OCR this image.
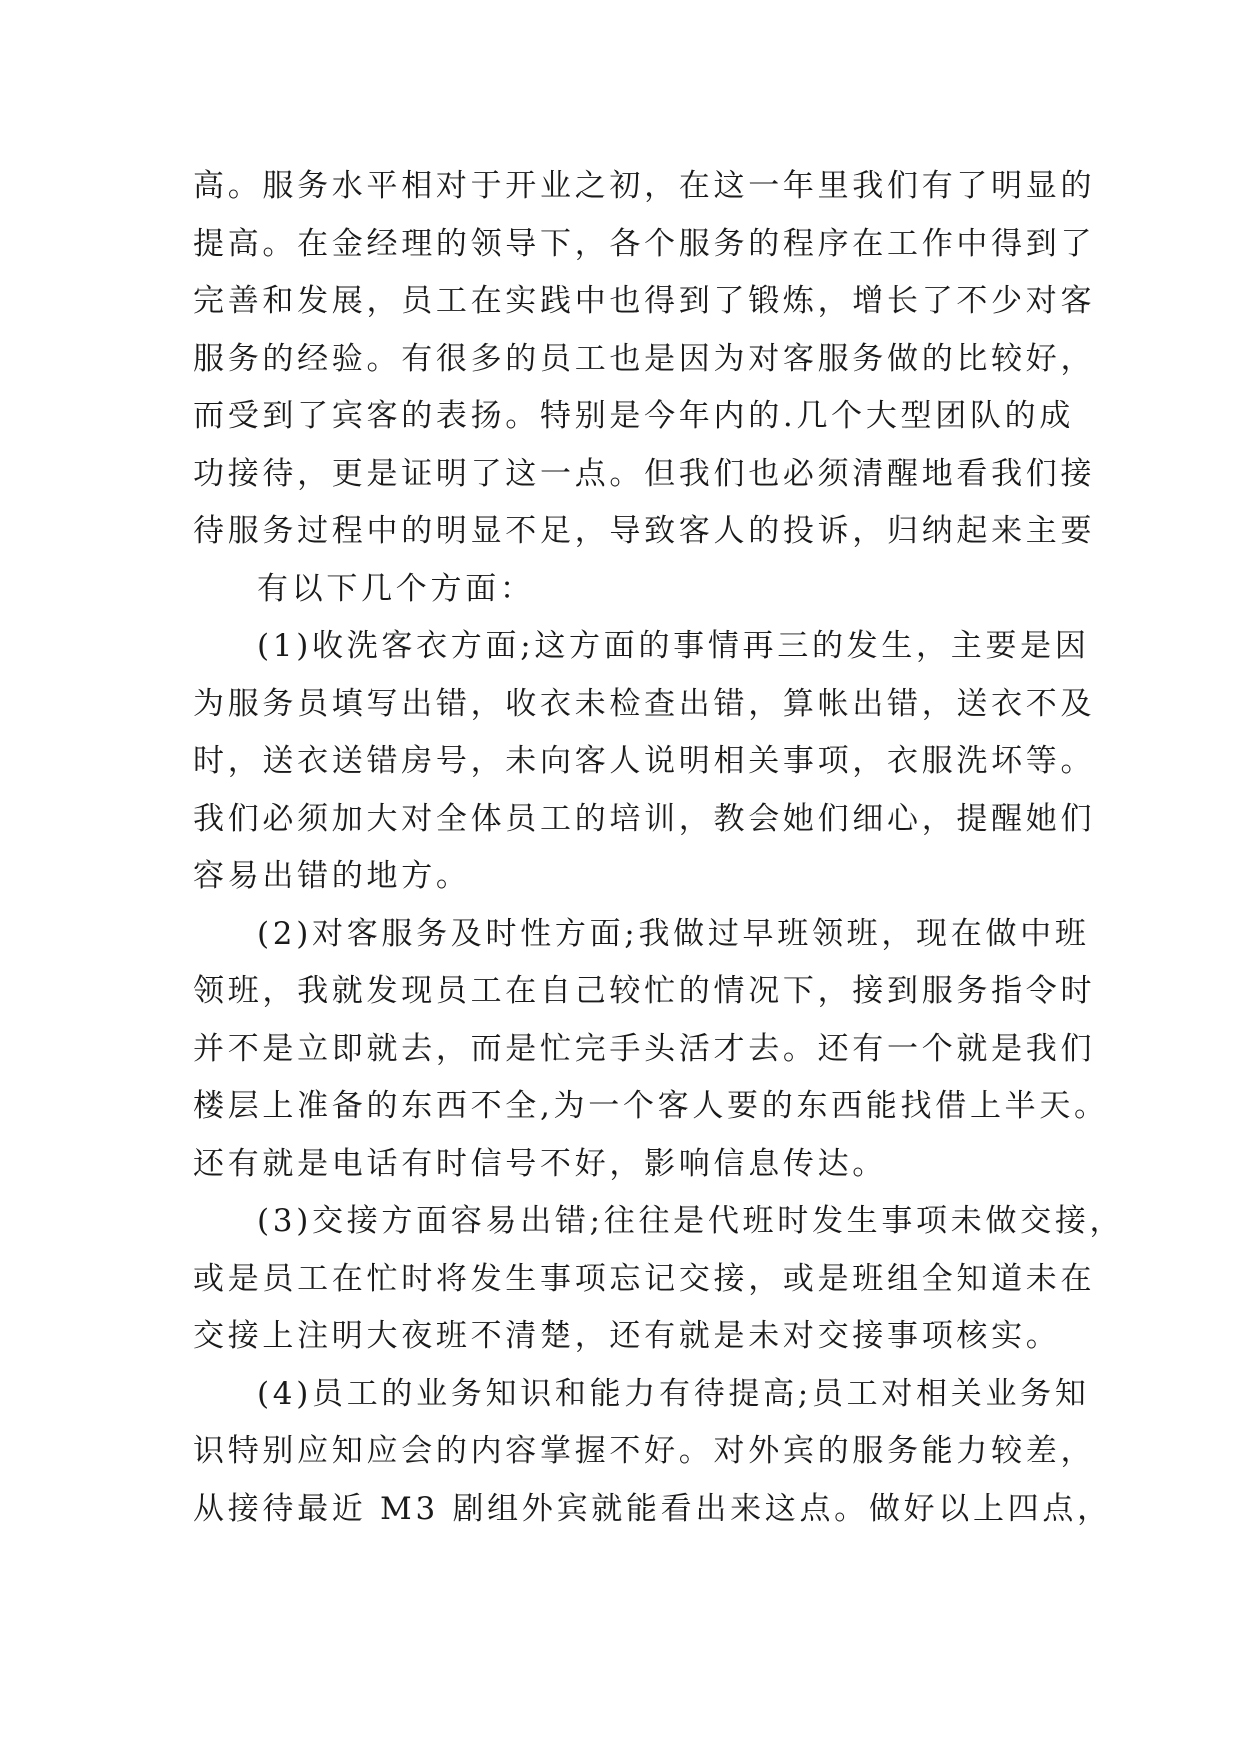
高。服务水平相对于开业之初，在这一年里我们有了明显的
提高。在金经理的领导下，各个服务的程序在工作中得到了
完善和发展，员工在实践中也得到了锻炼，增长了不少对客
服务的经验。有很多的员工也是因为对客服务做的比较好，
而受到了宾客的表扬。特别是今年内的.几个大型团队的成
功接待，更是证明了这一点。但我们也必须清醒地看我们接
待服务过程中的明显不足，导致客人的投诉，归纳起来主要
有以下几个方面：
(1)收洗客衣方面;这方面的事情再三的发生，主要是因
为服务员填写出错，收衣未检查出错，算帐出错，送衣不及
时，送衣送错房号，未向客人说明相关事项，衣服洗坏等。
我们必须加大对全体员工的培训，教会她们细心，提醒她们
容易出错的地方。
(2)对客服务及时性方面;我做过早班领班，现在做中班
领班，我就发现员工在自己较忙的情况下，接到服务指令时
并不是立即就去，而是忙完手头活才去。还有一个就是我们
楼层上准备的东西不全,为一个客人要的东西能找借上半天。
还有就是电话有时信号不好，影响信息传达。
(3)交接方面容易出错;往往是代班时发生事项未做交接，
或是员工在忙时将发生事项忘记交接，或是班组全知道未在
交接上注明大夜班不清楚，还有就是未对交接事项核实。
(4)员工的业务知识和能力有待提高;员工对相关业务知
识特别应知应会的内容掌握不好。对外宾的服务能力较差，
从接待最近 M3 剧组外宾就能看出来这点。做好以上四点，
